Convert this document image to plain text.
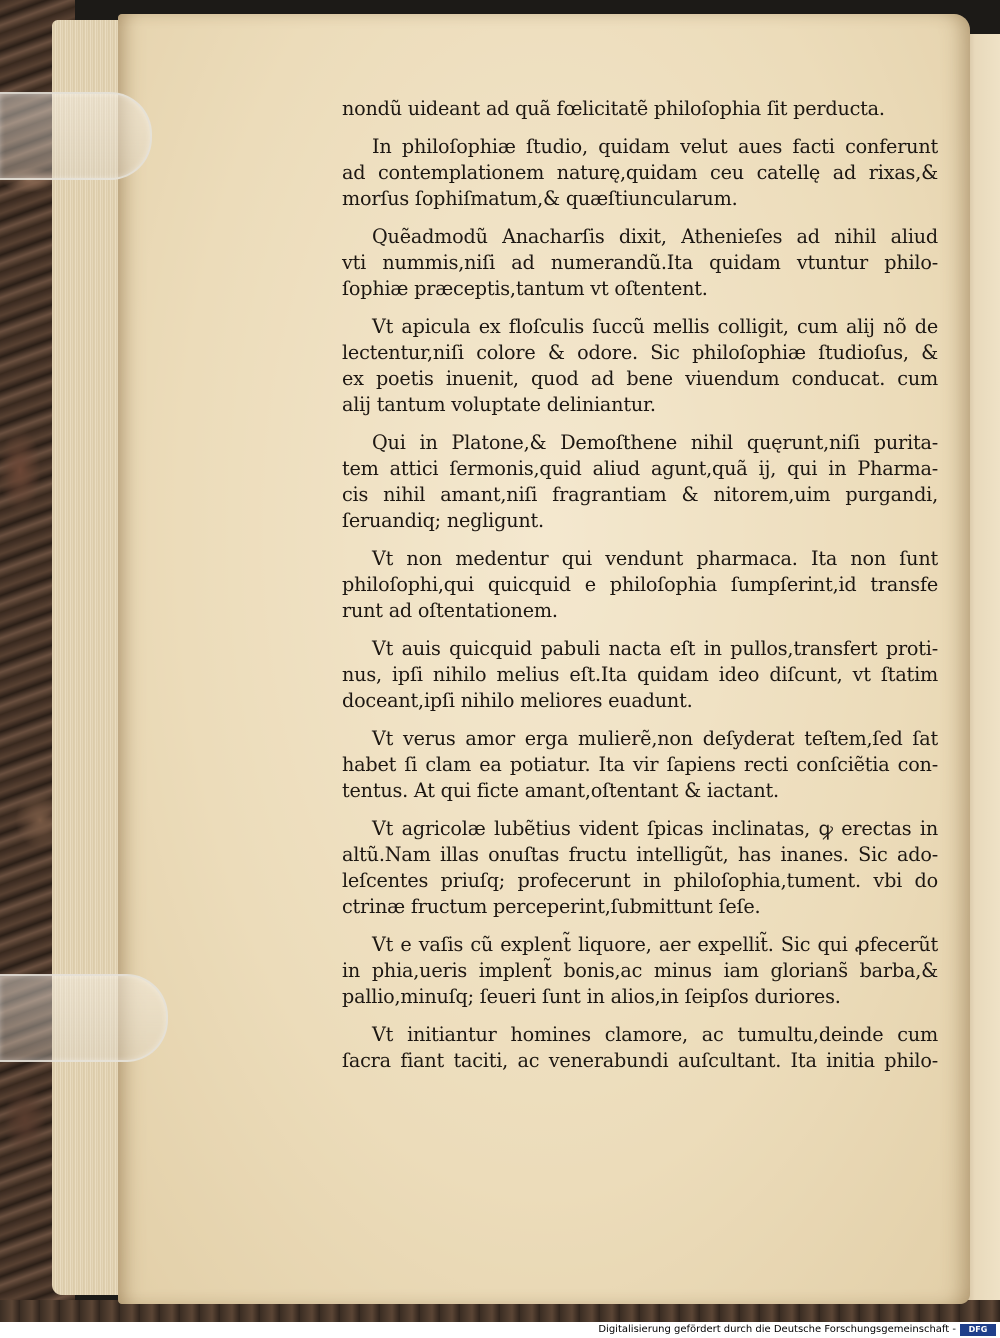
nondũ uideant ad quã fœlicitatẽ philoſophia ſit perducta.
In philoſophiæ ſtudio, quidam velut aues facti conferunt
ad contemplationem naturę,quidam ceu catellę ad rixas,&
morſus ſophiſmatum,& quæſtiuncularum.
Quẽadmodũ Anacharſis dixit, Athenieſes ad nihil aliud
vti nummis,niſi ad numerandũ.Ita quidam vtuntur philo-
ſophiæ præceptis,tantum vt oſtentent.
Vt apicula ex floſculis ſuccũ mellis colligit, cum alij nõ de
lectentur,niſi colore & odore. Sic philoſophiæ ſtudioſus, &
ex poetis inuenit, quod ad bene viuendum conducat. cum
alij tantum voluptate deliniantur.
Qui in Platone,& Demoſthene nihil quęrunt,niſi purita-
tem attici ſermonis,quid aliud agunt,quã ij, qui in Pharma-
cis nihil amant,niſi fragrantiam & nitorem,uim purgandi,
ſeruandiq; negligunt.
Vt non medentur qui vendunt pharmaca. Ita non ſunt
philoſophi,qui quicquid e philoſophia ſumpſerint,id transfe
runt ad oſtentationem.
Vt auis quicquid pabuli nacta eſt in pullos,transfert proti-
nus, ipſi nihilo melius eſt.Ita quidam ideo diſcunt, vt ſtatim
doceant,ipſi nihilo meliores euadunt.
Vt verus amor erga mulierẽ,non deſyderat teſtem,ſed ſat
habet ſi clam ea potiatur. Ita vir ſapiens recti conſciẽtia con-
tentus. At qui ficte amant,oſtentant & iactant.
Vt agricolæ lubẽtius vident ſpicas inclinatas, ꝙ erectas in
altũ.Nam illas onuſtas fructu intelligũt, has inanes. Sic ado-
leſcentes priuſq; profecerunt in philoſophia,tument. vbi do
ctrinæ fructum perceperint,ſubmittunt ſeſe.
Vt e vaſis cũ explent̃ liquore, aer expellit̃. Sic qui ꝓfecerũt
in phia,ueris implent̃ bonis,ac minus iam glorians̃ barba,&
pallio,minuſq; ſeueri ſunt in alios,in ſeipſos duriores.
Vt initiantur homines clamore, ac tumultu,deinde cum
ſacra fiant taciti, ac venerabundi auſcultant. Ita initia philo-
Digitalisierung gefördert durch die Deutsche Forschungsgemeinschaft -	DFG
